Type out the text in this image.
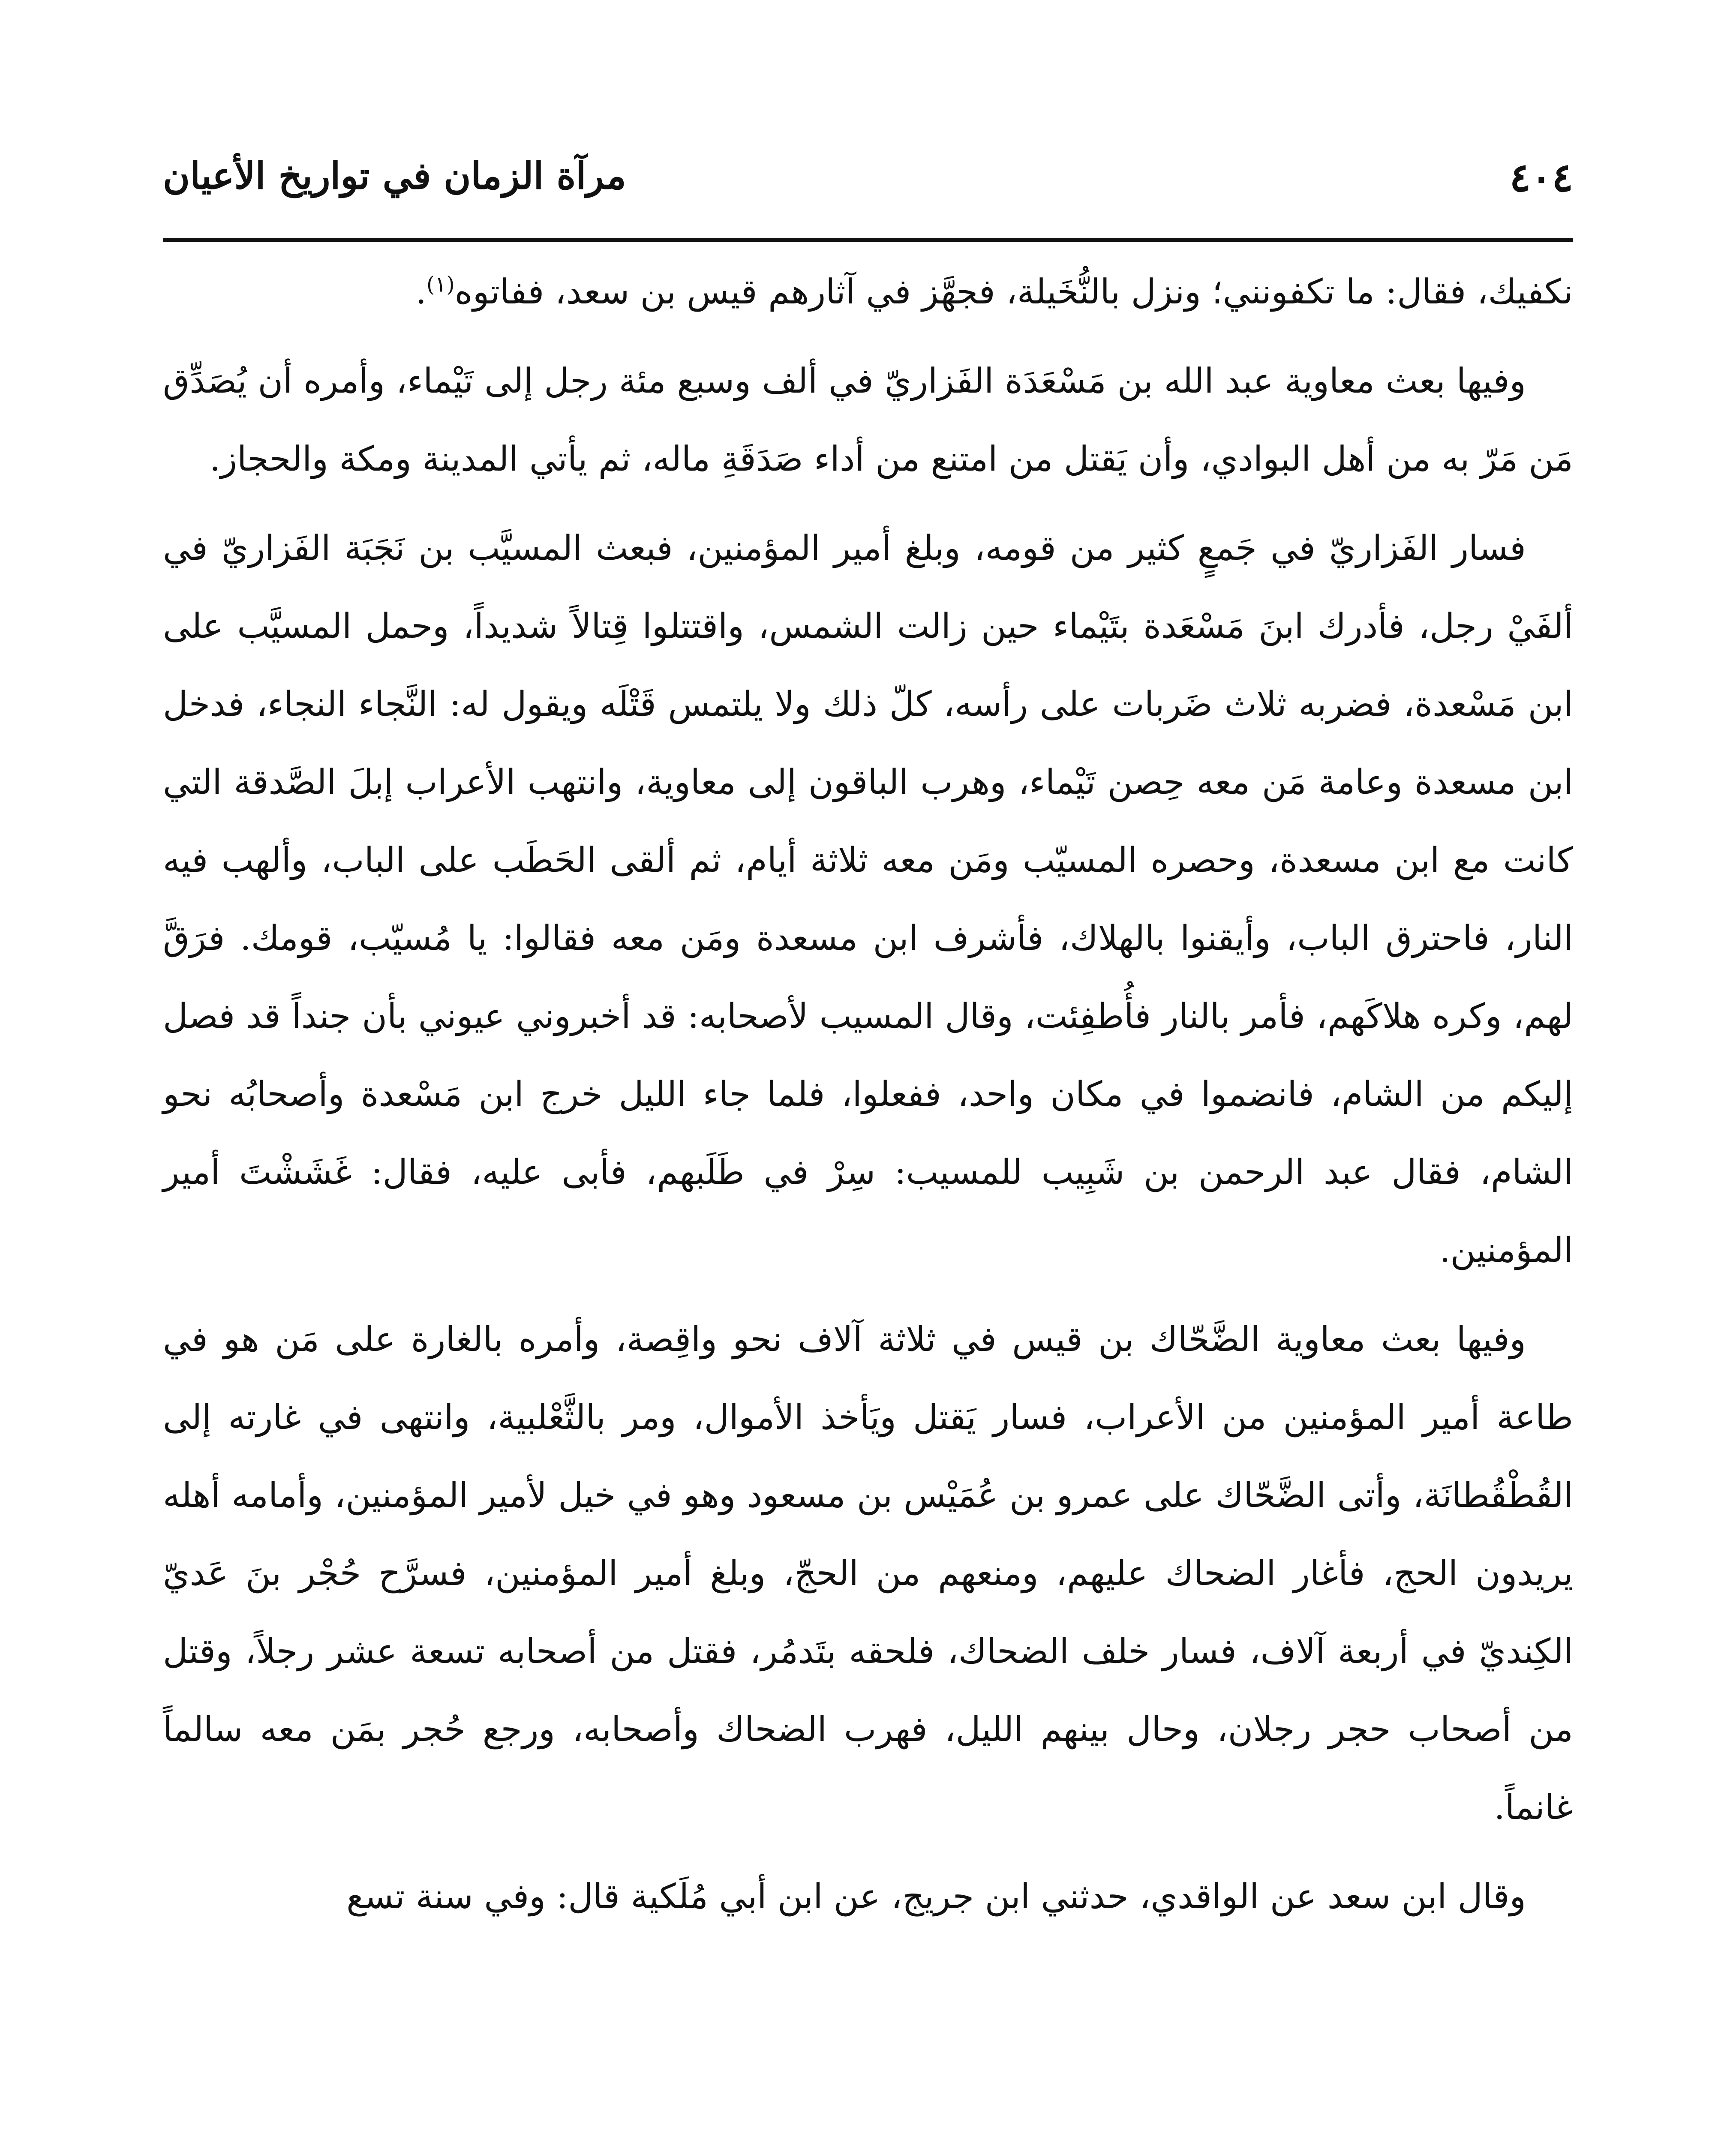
٤٠٤
مرآة الزمان في تواريخ الأعيان

نكفيك، فقال: ما تكفونني؛ ونزل بالنُّخَيلة، فجهَّز في آثارهم قيس بن سعد، ففاتوه$^{(١)}$.

وفيها بعث معاوية عبد الله بن مَسْعَدَة الفَزاريّ في ألف وسبع مئة رجل إلى تَيْماء، وأمره أن يُصَدِّق مَن مَرّ به من أهل البوادي، وأن يَقتل من امتنع من أداء صَدَقَةِ ماله، ثم يأتي المدينة ومكة والحجاز.

فسار الفَزاريّ في جَمعٍ كثير من قومه، وبلغ أمير المؤمنين، فبعث المسيَّب بن نَجَبَة الفَزاريّ في ألفَيْ رجل، فأدرك ابنَ مَسْعَدة بتَيْماء حين زالت الشمس، واقتتلوا قِتالاً شديداً، وحمل المسيَّب على ابن مَسْعدة، فضربه ثلاث ضَربات على رأسه، كلّ ذلك ولا يلتمس قَتْلَه ويقول له: النَّجاء النجاء، فدخل ابن مسعدة وعامة مَن معه حِصن تَيْماء، وهرب الباقون إلى معاوية، وانتهب الأعراب إبلَ الصَّدقة التي كانت مع ابن مسعدة، وحصره المسيّب ومَن معه ثلاثة أيام، ثم ألقى الحَطَب على الباب، وألهب فيه النار، فاحترق الباب، وأيقنوا بالهلاك، فأشرف ابن مسعدة ومَن معه فقالوا: يا مُسيّب، قومك. فرَقَّ لهم، وكره هلاكَهم، فأمر بالنار فأُطفِئت، وقال المسيب لأصحابه: قد أخبروني عيوني بأن جنداً قد فصل إليكم من الشام، فانضموا في مكان واحد، ففعلوا، فلما جاء الليل خرج ابن مَسْعدة وأصحابُه نحو الشام، فقال عبد الرحمن بن شَبِيب للمسيب: سِرْ في طَلَبهم، فأبى عليه، فقال: غَشَشْتَ أمير المؤمنين.

وفيها بعث معاوية الضَّحّاك بن قيس في ثلاثة آلاف نحو واقِصة، وأمره بالغارة على مَن هو في طاعة أمير المؤمنين من الأعراب، فسار يَقتل ويَأخذ الأموال، ومر بالثَّعْلبية، وانتهى في غارته إلى القُطْقُطانَة، وأتى الضَّحّاك على عمرو بن عُمَيْس بن مسعود وهو في خيل لأمير المؤمنين، وأمامه أهله يريدون الحج، فأغار الضحاك عليهم، ومنعهم من الحجّ، وبلغ أمير المؤمنين، فسرَّح حُجْر بنَ عَديّ الكِنديّ في أربعة آلاف، فسار خلف الضحاك، فلحقه بتَدمُر، فقتل من أصحابه تسعة عشر رجلاً، وقتل من أصحاب حجر رجلان، وحال بينهم الليل، فهرب الضحاك وأصحابه، ورجع حُجر بمَن معه سالماً غانماً.

وقال ابن سعد عن الواقدي، حدثني ابن جريج، عن ابن أبي مُلَكية قال: وفي سنة تسع
